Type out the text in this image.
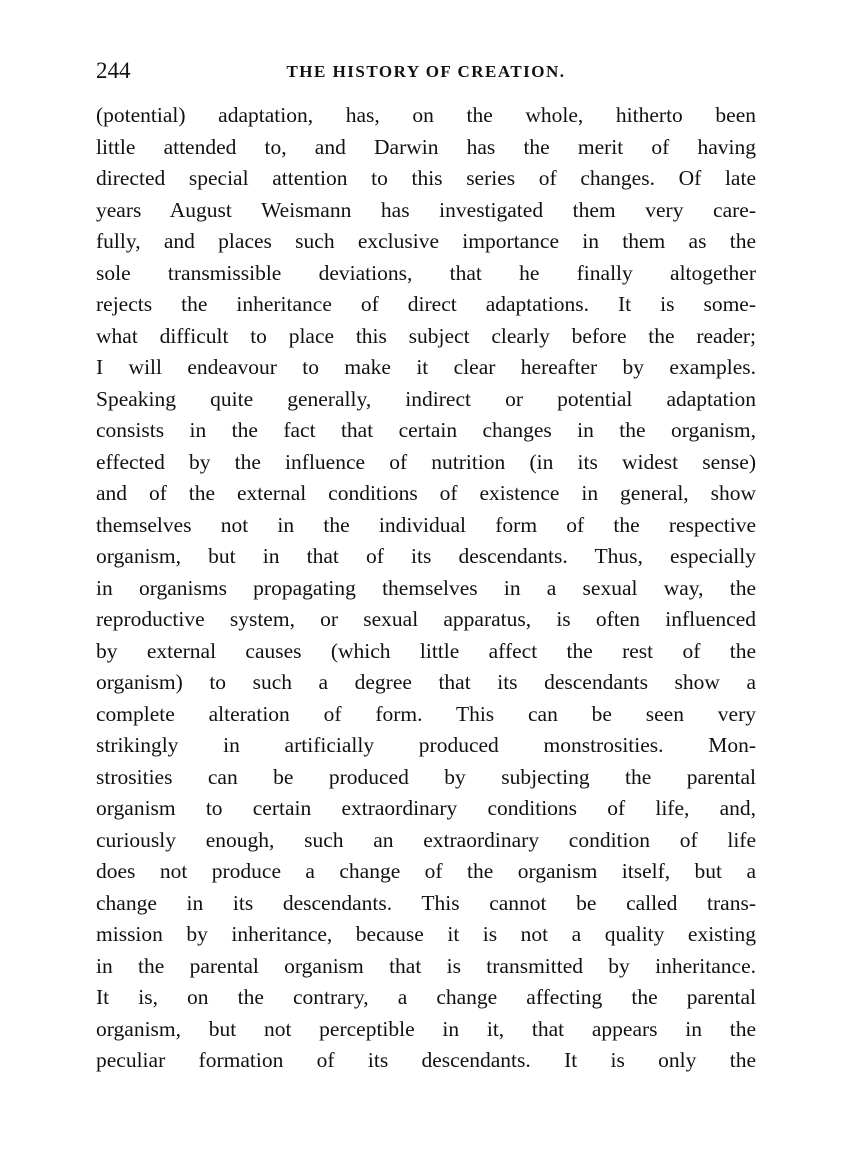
244	THE HISTORY OF CREATION.
(potential) adaptation, has, on the whole, hitherto been
little attended to, and Darwin has the merit of having
directed special attention to this series of changes. Of late
years August Weismann has investigated them very care-
fully, and places such exclusive importance in them as the
sole transmissible deviations, that he finally altogether
rejects the inheritance of direct adaptations. It is some-
what difficult to place this subject clearly before the reader;
I will endeavour to make it clear hereafter by examples.
Speaking quite generally, indirect or potential adaptation
consists in the fact that certain changes in the organism,
effected by the influence of nutrition (in its widest sense)
and of the external conditions of existence in general, show
themselves not in the individual form of the respective
organism, but in that of its descendants. Thus, especially
in organisms propagating themselves in a sexual way, the
reproductive system, or sexual apparatus, is often influenced
by external causes (which little affect the rest of the
organism) to such a degree that its descendants show a
complete alteration of form. This can be seen very
strikingly in artificially produced monstrosities. Mon-
strosities can be produced by subjecting the parental
organism to certain extraordinary conditions of life, and,
curiously enough, such an extraordinary condition of life
does not produce a change of the organism itself, but a
change in its descendants. This cannot be called trans-
mission by inheritance, because it is not a quality existing
in the parental organism that is transmitted by inheritance.
It is, on the contrary, a change affecting the parental
organism, but not perceptible in it, that appears in the
peculiar formation of its descendants. It is only the
